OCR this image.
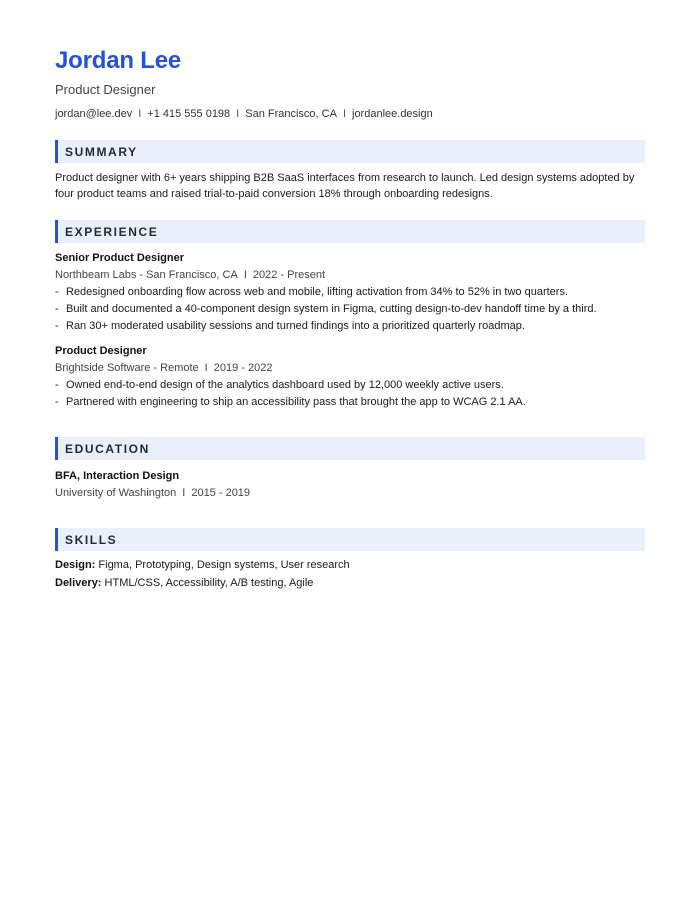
Jordan Lee
Product Designer
jordan@lee.dev I +1 415 555 0198 I San Francisco, CA I jordanlee.design
SUMMARY

Product designer with 6+ years shipping B2B SaaS interfaces from research to launch. Led design systems adopted by four product teams and raised trial-to-paid conversion 18% through onboarding redesigns.

EXPERIENCE
Senior Product Designer
Northbeam Labs - San Francisco, CA I 2022 - Present
- Redesigned onboarding flow across web and mobile, lifting activation from 34% to 52% in two quarters.
- Built and documented a 40-component design system in Figma, cutting design-to-dev handoff time by a third.
- Ran 30+ moderated usability sessions and turned findings into a prioritized quarterly roadmap.
Product Designer
Brightside Software - Remote I 2019 - 2022
- Owned end-to-end design of the analytics dashboard used by 12,000 weekly active users.
- Partnered with engineering to ship an accessibility pass that brought the app to WCAG 2.1 AA.
EDUCATION
BFA, Interaction Design
University of Washington I 2015 - 2019
SKILLS
Design: Figma, Prototyping, Design systems, User research
Delivery: HTML/CSS, Accessibility, A/B testing, Agile
